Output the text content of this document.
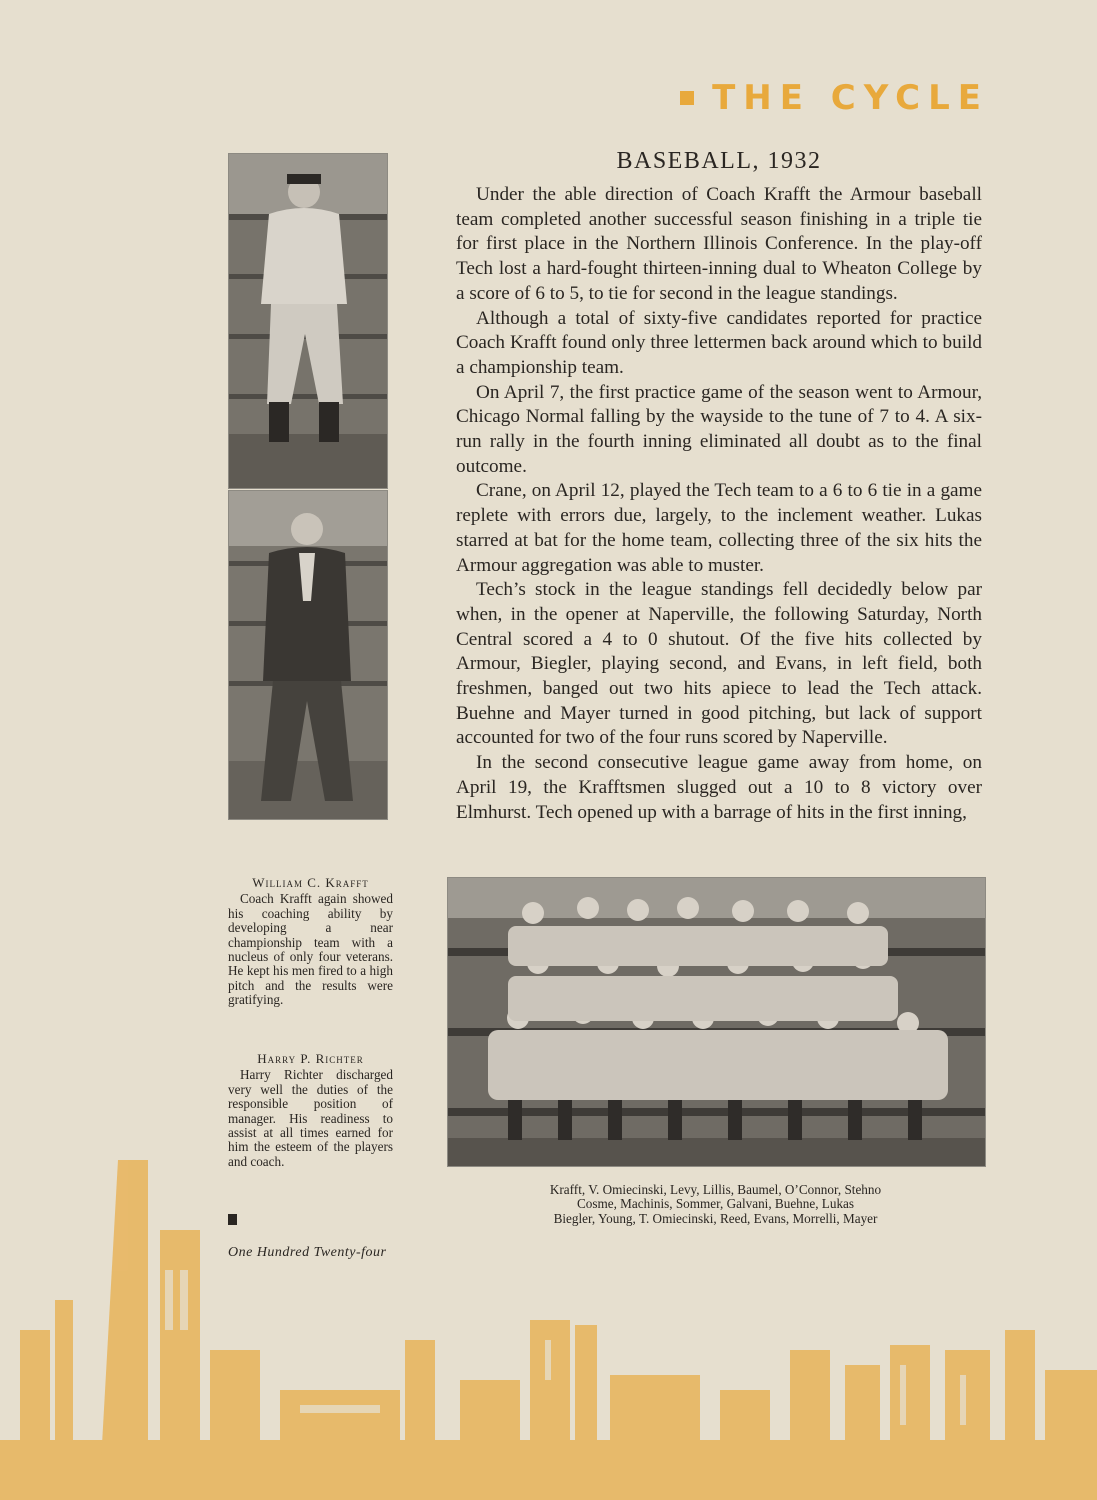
THE CYCLE
BASEBALL, 1932

Under the able direction of Coach Krafft the Armour baseball team completed another successful season finishing in a triple tie for first place in the Northern Illinois Conference. In the play-off Tech lost a hard-fought thirteen-inning dual to Wheaton College by a score of 6 to 5, to tie for second in the league standings.

Although a total of sixty-five candidates reported for practice Coach Krafft found only three lettermen back around which to build a championship team.

On April 7, the first practice game of the season went to Armour, Chicago Normal falling by the wayside to the tune of 7 to 4. A six-run rally in the fourth inning eliminated all doubt as to the final outcome.

Crane, on April 12, played the Tech team to a 6 to 6 tie in a game replete with errors due, largely, to the inclement weather. Lukas starred at bat for the home team, collecting three of the six hits the Armour aggregation was able to muster.

Tech’s stock in the league standings fell decidedly below par when, in the opener at Naperville, the following Saturday, North Central scored a 4 to 0 shutout. Of the five hits collected by Armour, Biegler, playing second, and Evans, in left field, both freshmen, banged out two hits apiece to lead the Tech attack. Buehne and Mayer turned in good pitching, but lack of support accounted for two of the four runs scored by Naperville.

In the second consecutive league game away from home, on April 19, the Krafftsmen slugged out a 10 to 8 victory over Elmhurst. Tech opened up with a barrage of hits in the first inning,

William C. Krafft

Coach Krafft again showed his coaching ability by developing a near championship team with a nucleus of only four veterans. He kept his men fired to a high pitch and the results were gratifying.

Harry P. Richter

Harry Richter discharged very well the duties of the responsible position of manager. His readiness to assist at all times earned for him the esteem of the players and coach.

One Hundred Twenty-four
Krafft, V. Omiecinski, Levy, Lillis, Baumel, O’Connor, Stehno
Cosme, Machinis, Sommer, Galvani, Buehne, Lukas
Biegler, Young, T. Omiecinski, Reed, Evans, Morrelli, Mayer
